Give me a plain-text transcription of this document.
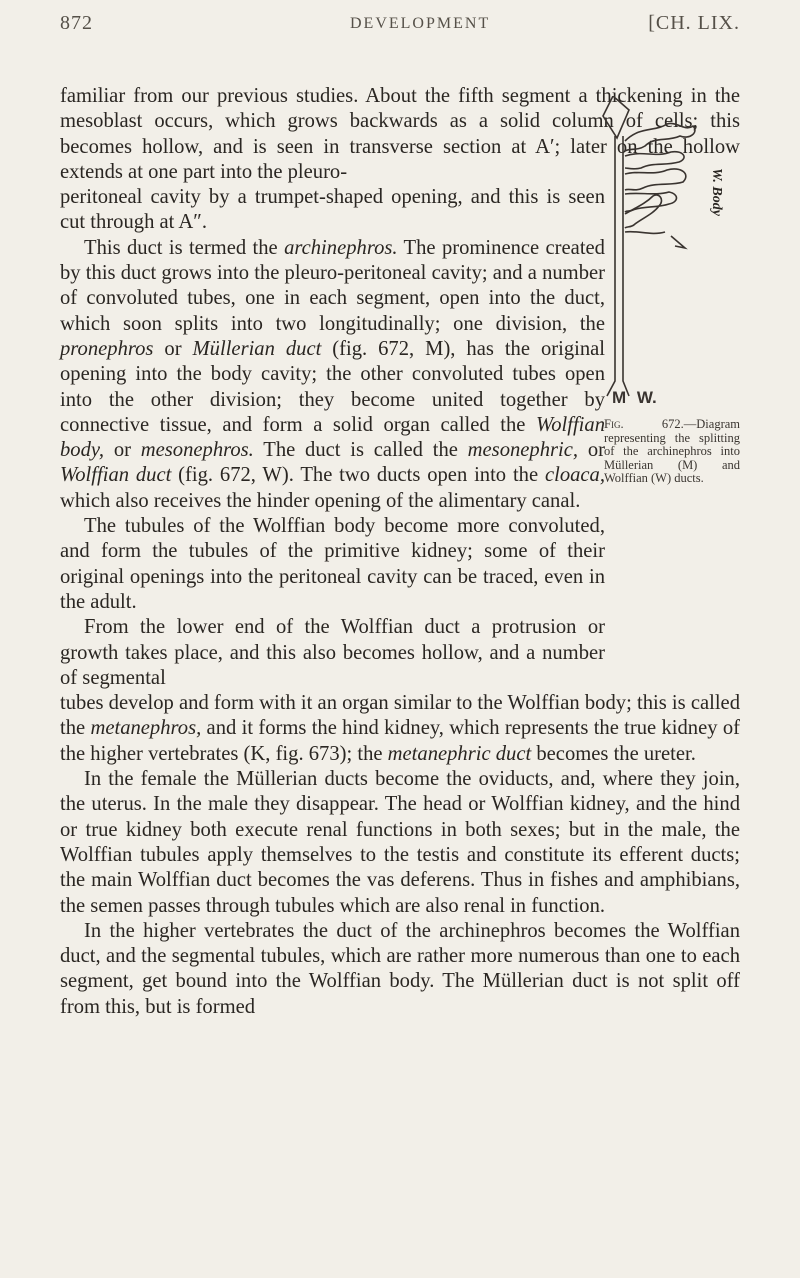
872	DEVELOPMENT	[CH. LIX.

familiar from our previous studies. About the fifth segment a thickening in the mesoblast occurs, which grows backwards as a solid column of cells; this becomes hollow, and is seen in transverse section at A′; later on the hollow extends at one part into the pleuro-

peritoneal cavity by a trumpet-shaped opening, and this is seen cut through at A″.

This duct is termed the archinephros. The prominence created by this duct grows into the pleuro-peritoneal cavity; and a number of convoluted tubes, one in each segment, open into the duct, which soon splits into two longitudinally; one division, the pronephros or Müllerian duct (fig. 672, M), has the original opening into the body cavity; the other convoluted tubes open into the other division; they become united together by connective tissue, and form a solid organ called the Wolffian body, or mesonephros. The duct is called the mesonephric, or Wolffian duct (fig. 672, W). The two ducts open into the cloaca, which also receives the hinder opening of the alimentary canal.

The tubules of the Wolffian body become more convoluted, and form the tubules of the primitive kidney; some of their original openings into the peritoneal cavity can be traced, even in the adult.

From the lower end of the Wolffian duct a protrusion or growth takes place, and this also becomes hollow, and a number of segmental

tubes develop and form with it an organ similar to the Wolffian body; this is called the metanephros, and it forms the hind kidney, which represents the true kidney of the higher vertebrates (K, fig. 673); the metanephric duct becomes the ureter.

In the female the Müllerian ducts become the oviducts, and, where they join, the uterus. In the male they disappear. The head or Wolffian kidney, and the hind or true kidney both execute renal functions in both sexes; but in the male, the Wolffian tubules apply themselves to the testis and constitute its efferent ducts; the main Wolffian duct becomes the vas deferens. Thus in fishes and amphibians, the semen passes through tubules which are also renal in function.

In the higher vertebrates the duct of the archinephros becomes the Wolffian duct, and the segmental tubules, which are rather more numerous than one to each segment, get bound into the Wolffian body. The Müllerian duct is not split off from this, but is formed

W. Body
M W.
Fig. 672.—Diagram representing the splitting of the archinephros into Müllerian (M) and Wolffian (W) ducts.
